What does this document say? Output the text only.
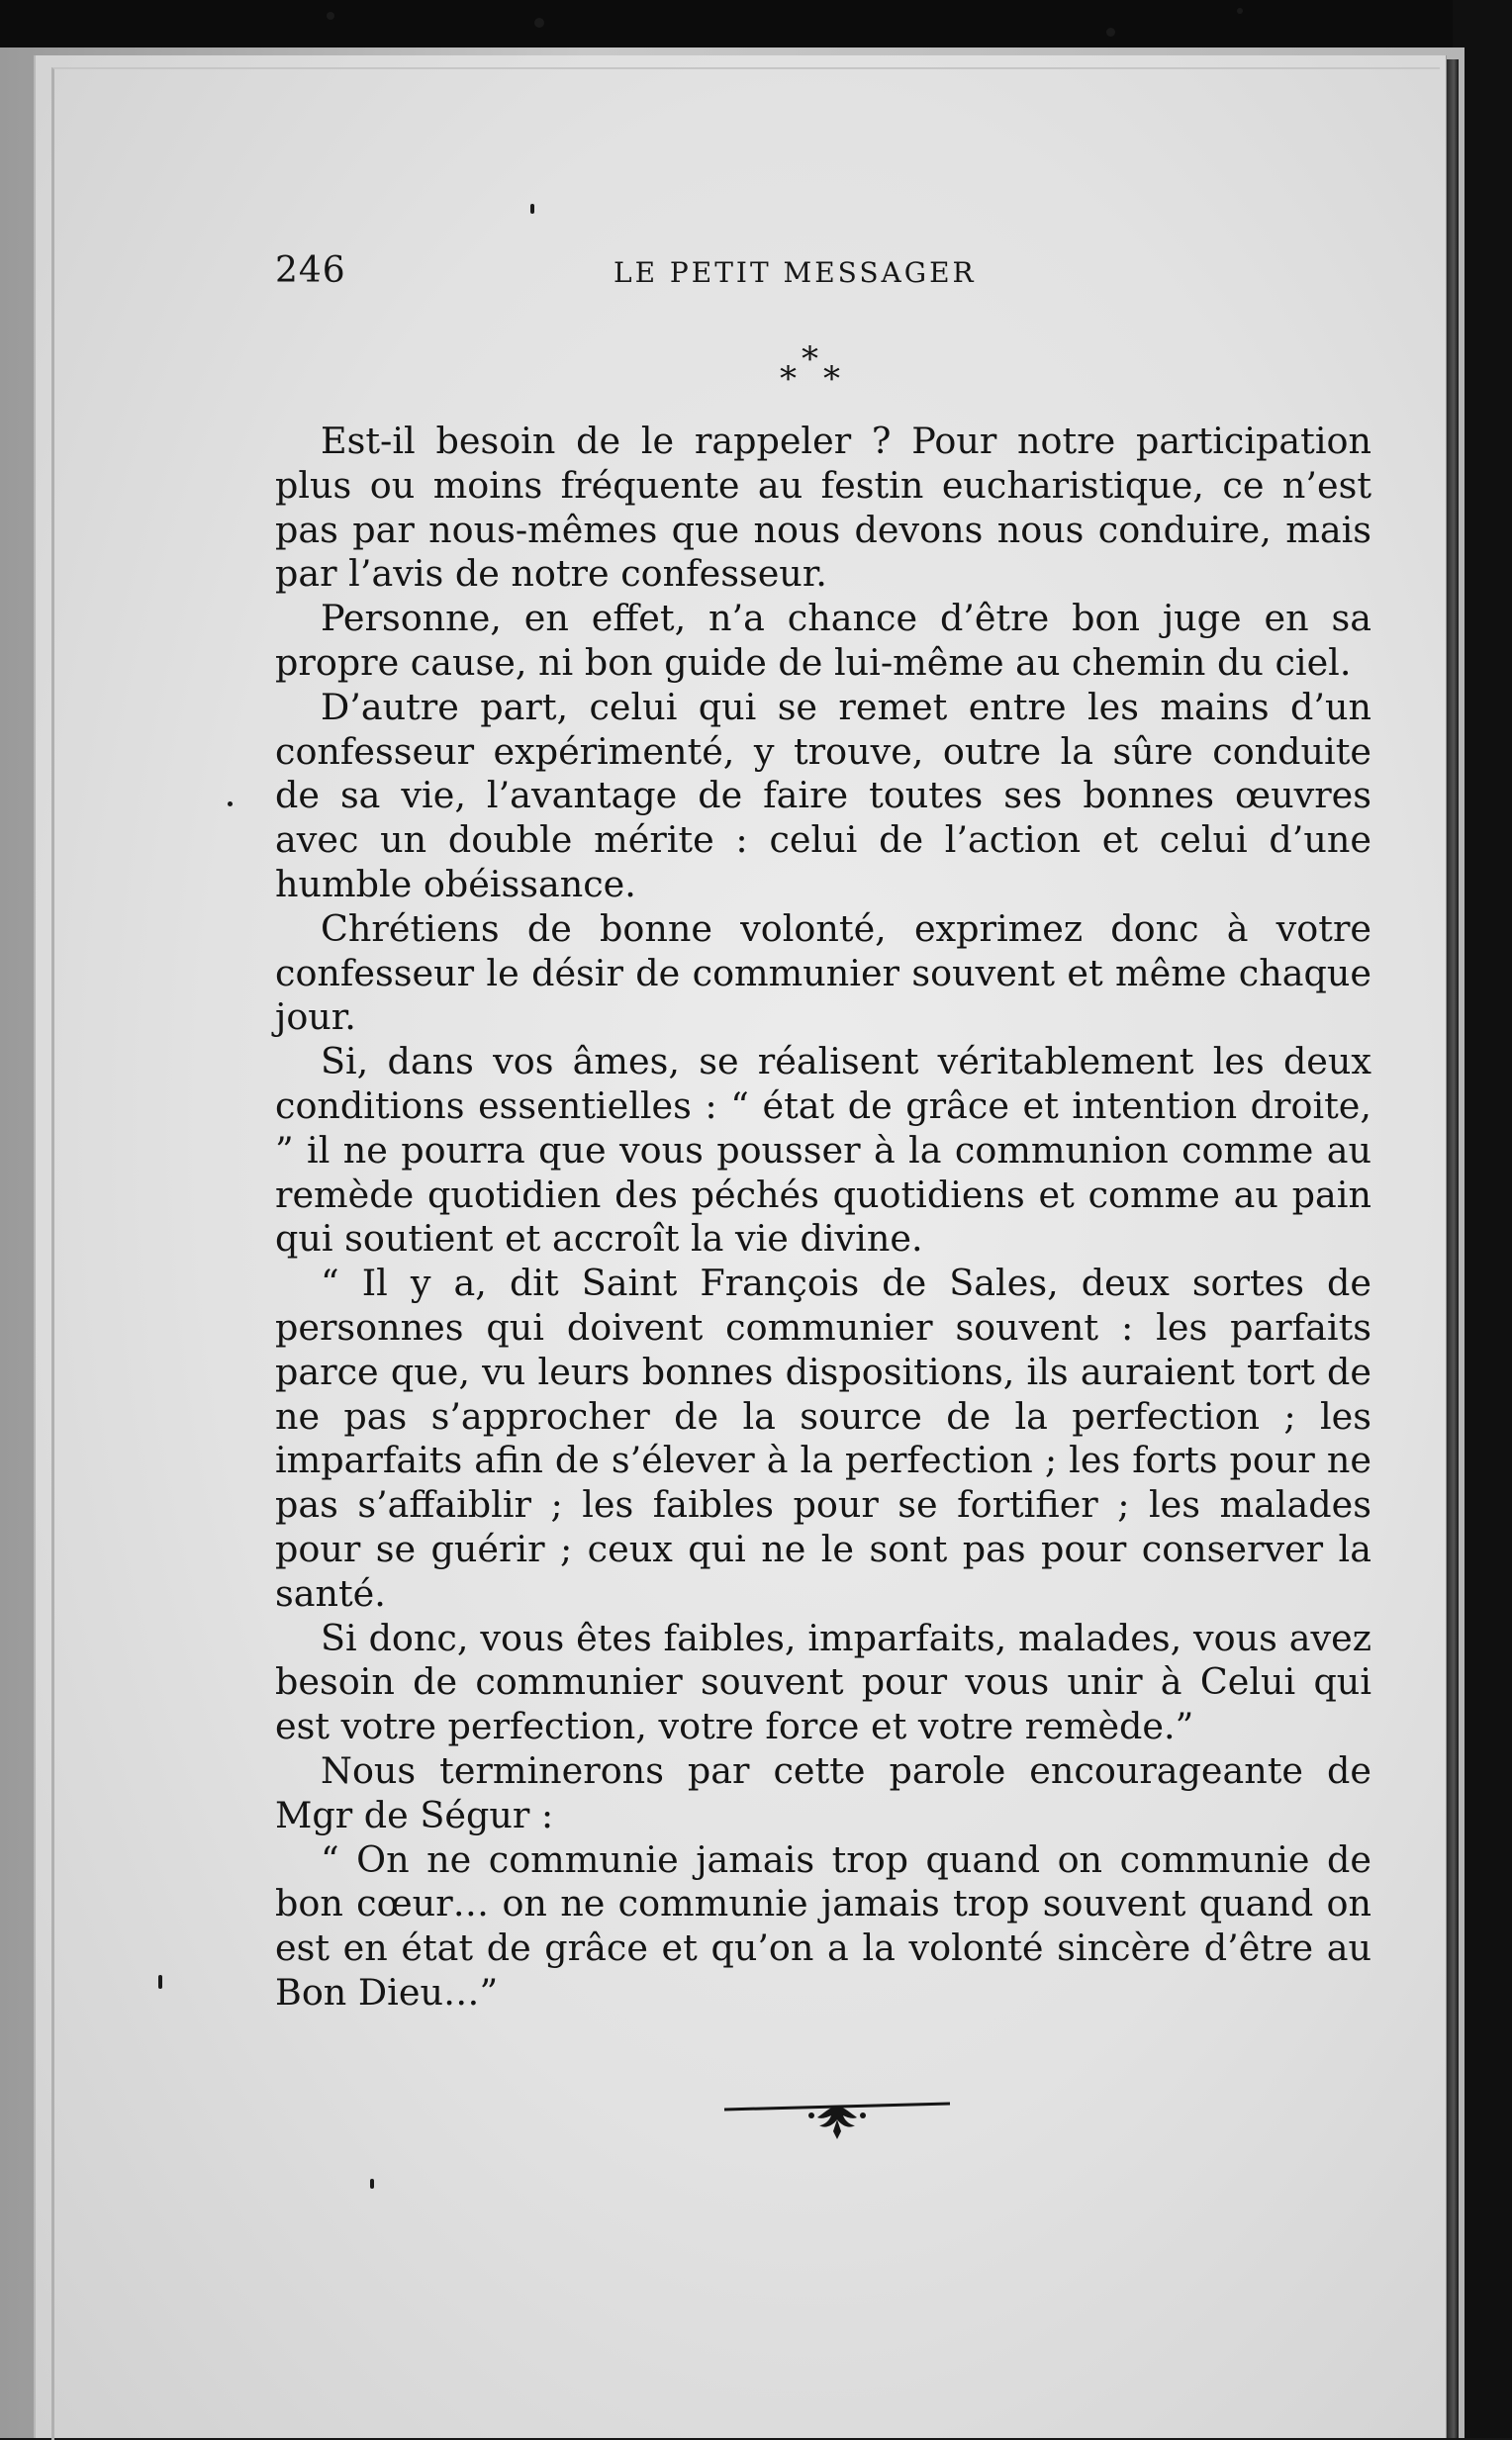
246	LE PETIT MESSAGER
*
* *

Est-il besoin de le rappeler ? Pour notre participation plus ou moins fréquente au festin eucharistique, ce n’est pas par nous-mêmes que nous devons nous conduire, mais par l’avis de notre confesseur.

Personne, en effet, n’a chance d’être bon juge en sa propre cause, ni bon guide de lui-même au chemin du ciel.

D’autre part, celui qui se remet entre les mains d’un confesseur expérimenté, y trouve, outre la sûre conduite de sa vie, l’avantage de faire toutes ses bonnes œuvres avec un double mérite : celui de l’action et celui d’une humble obéissance.

Chrétiens de bonne volonté, exprimez donc à votre confesseur le désir de communier souvent et même chaque jour.

Si, dans vos âmes, se réalisent véritablement les deux conditions essentielles : “ état de grâce et intention droite, ” il ne pourra que vous pousser à la communion comme au remède quotidien des péchés quotidiens et comme au pain qui soutient et accroît la vie divine.

“ Il y a, dit Saint François de Sales, deux sortes de personnes qui doivent communier souvent : les parfaits parce que, vu leurs bonnes dispositions, ils auraient tort de ne pas s’approcher de la source de la perfection ; les imparfaits afin de s’élever à la perfection ; les forts pour ne pas s’affaiblir ; les faibles pour se fortifier ; les malades pour se guérir ; ceux qui ne le sont pas pour conserver la santé.

Si donc, vous êtes faibles, imparfaits, malades, vous avez besoin de communier souvent pour vous unir à Celui qui est votre perfection, votre force et votre remède.”

Nous terminerons par cette parole encourageante de Mgr de Ségur :

“ On ne communie jamais trop quand on communie de bon cœur… on ne communie jamais trop souvent quand on est en état de grâce et qu’on a la volonté sincère d’être au Bon Dieu…”
